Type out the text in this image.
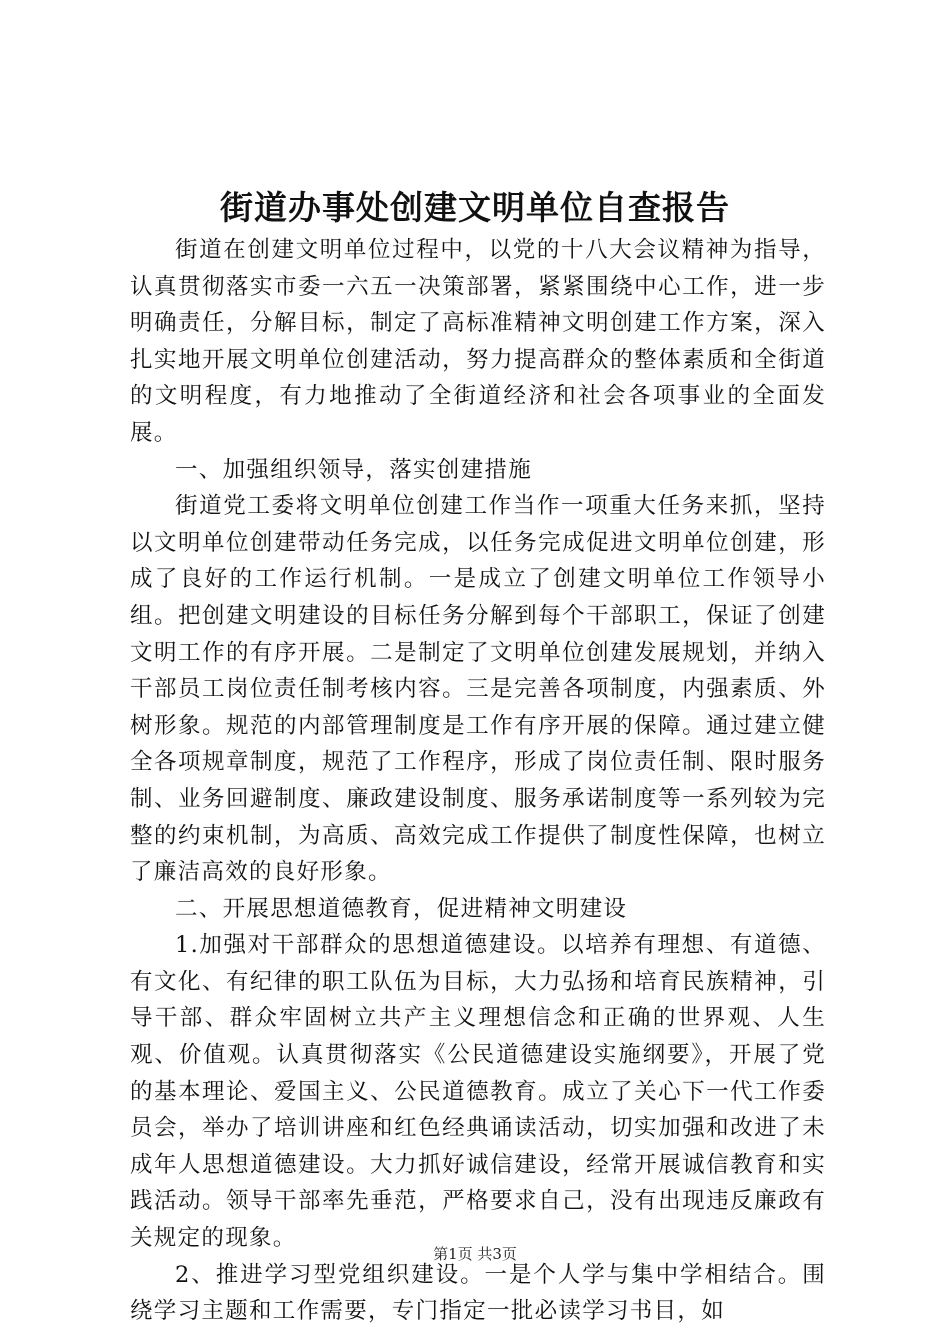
街道办事处创建文明单位自查报告

街道在创建文明单位过程中，以党的十八大会议精神为指导，认真贯彻落实市委一六五一决策部署，紧紧围绕中心工作，进一步明确责任，分解目标，制定了高标准精神文明创建工作方案，深入扎实地开展文明单位创建活动，努力提高群众的整体素质和全街道的文明程度，有力地推动了全街道经济和社会各项事业的全面发展。

一、加强组织领导，落实创建措施

街道党工委将文明单位创建工作当作一项重大任务来抓，坚持以文明单位创建带动任务完成，以任务完成促进文明单位创建，形成了良好的工作运行机制。一是成立了创建文明单位工作领导小组。把创建文明建设的目标任务分解到每个干部职工，保证了创建文明工作的有序开展。二是制定了文明单位创建发展规划，并纳入干部员工岗位责任制考核内容。三是完善各项制度，内强素质、外树形象。规范的内部管理制度是工作有序开展的保障。通过建立健全各项规章制度，规范了工作程序，形成了岗位责任制、限时服务制、业务回避制度、廉政建设制度、服务承诺制度等一系列较为完整的约束机制，为高质、高效完成工作提供了制度性保障，也树立了廉洁高效的良好形象。

二、开展思想道德教育，促进精神文明建设

1.加强对干部群众的思想道德建设。以培养有理想、有道德、有文化、有纪律的职工队伍为目标，大力弘扬和培育民族精神，引导干部、群众牢固树立共产主义理想信念和正确的世界观、人生观、价值观。认真贯彻落实《公民道德建设实施纲要》，开展了党的基本理论、爱国主义、公民道德教育。成立了关心下一代工作委员会，举办了培训讲座和红色经典诵读活动，切实加强和改进了未成年人思想道德建设。大力抓好诚信建设，经常开展诚信教育和实践活动。领导干部率先垂范，严格要求自己，没有出现违反廉政有关规定的现象。

2、推进学习型党组织建设。一是个人学与集中学相结合。围绕学习主题和工作需要，专门指定一批必读学习书目，如

第1页 共3页
